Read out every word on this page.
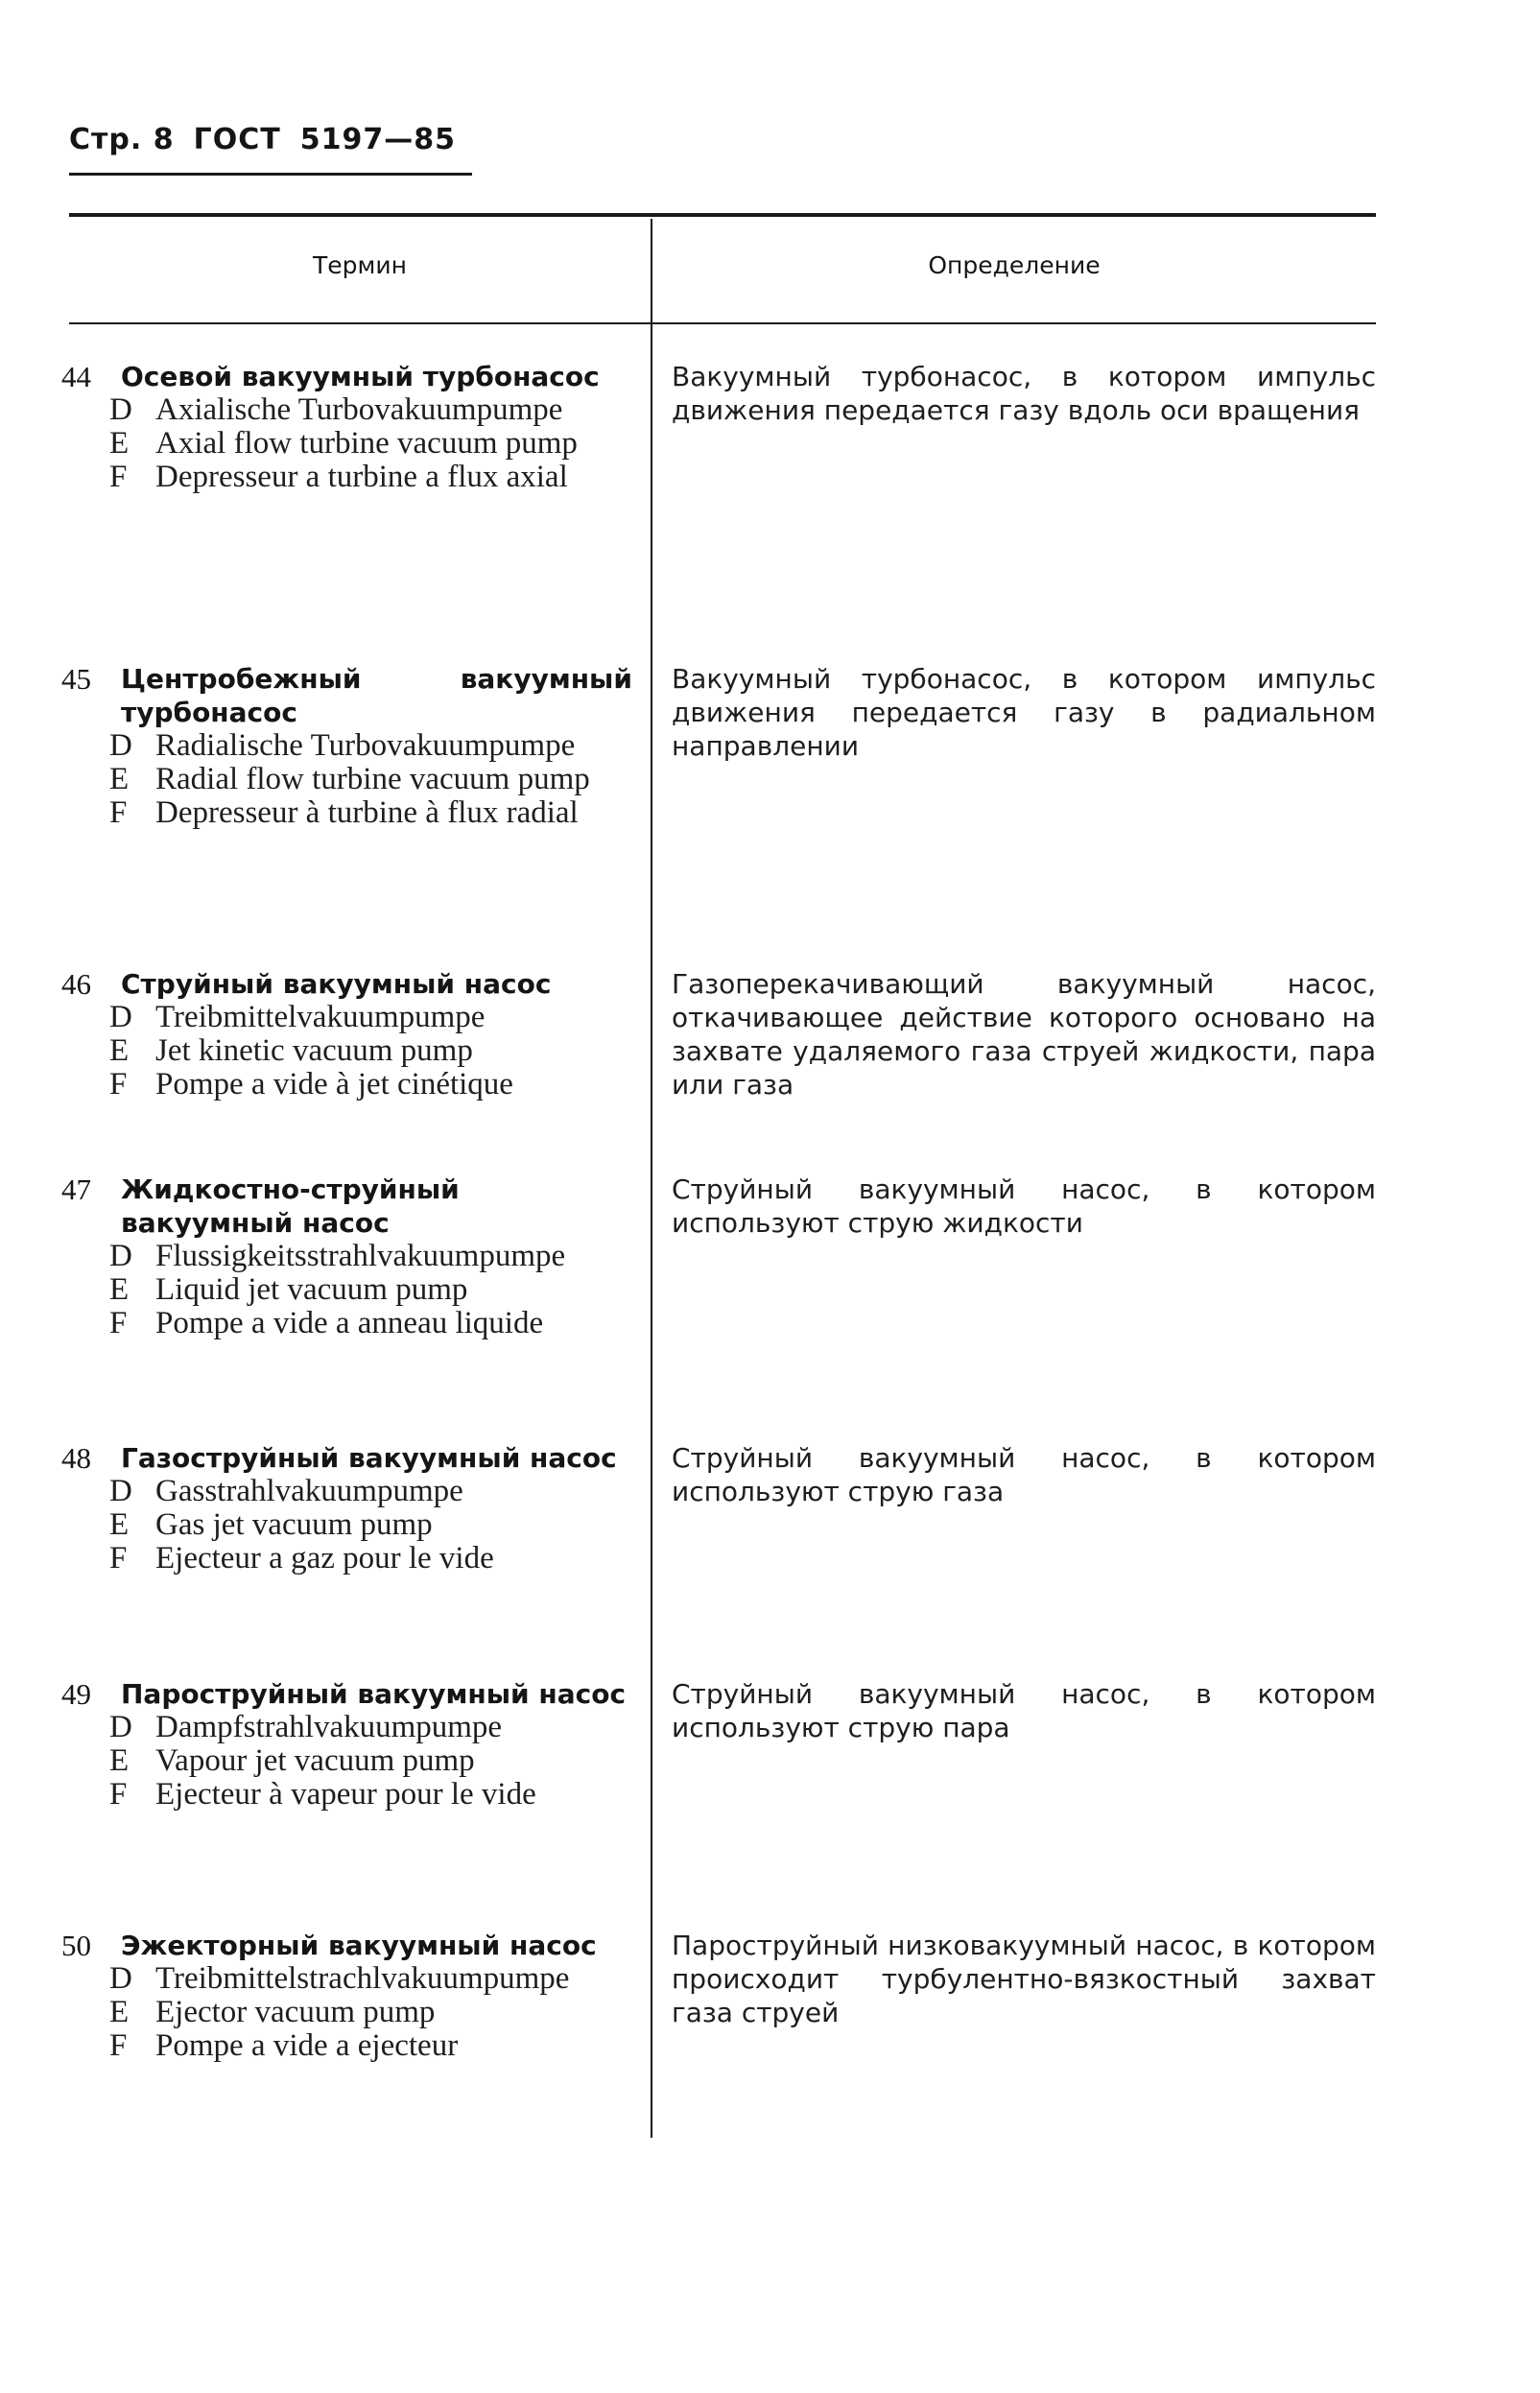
Стр. 8 ГОСТ 5197—85
Термин	Определение
44 Осевой вакуумный турбонасос
D Axialische Turbovakuumpumpe
E Axial flow turbine vacuum pump
F Depresseur a turbine a flux axial
Вакуумный турбонасос, в котором импульс движения передается газу вдоль оси вращения
45 Центробежный вакуумный турбонасос
D Radialische Turbovakuumpumpe
E Radial flow turbine vacuum pump
F Depresseur à turbine à flux radial
Вакуумный турбонасос, в котором импульс движения передается газу в радиальном направлении
46 Струйный вакуумный насос
D Treibmittelvakuumpumpe
E Jet kinetic vacuum pump
F Pompe a vide à jet cinétique
Газоперекачивающий вакуумный насос, откачивающее действие которого основано на захвате удаляемого газа струей жидкости, пара или газа
47 Жидкостно-струйный вакуумный насос
D Flussigkeitsstrahlvakuumpumpe
E Liquid jet vacuum pump
F Pompe a vide a anneau liquide
Струйный вакуумный насос, в котором используют струю жидкости
48 Газоструйный вакуумный насос
D Gasstrahlvakuumpumpe
E Gas jet vacuum pump
F Ejecteur a gaz pour le vide
Струйный вакуумный насос, в котором используют струю газа
49 Пароструйный вакуумный насос
D Dampfstrahlvakuumpumpe
E Vapour jet vacuum pump
F Ejecteur à vapeur pour le vide
Струйный вакуумный насос, в котором используют струю пара
50 Эжекторный вакуумный насос
D Treibmittelstrachlvakuumpumpe
E Ejector vacuum pump
F Pompe a vide a ejecteur
Пароструйный низковакуумный насос, в котором происходит турбулентно-вязкостный захват газа струей
